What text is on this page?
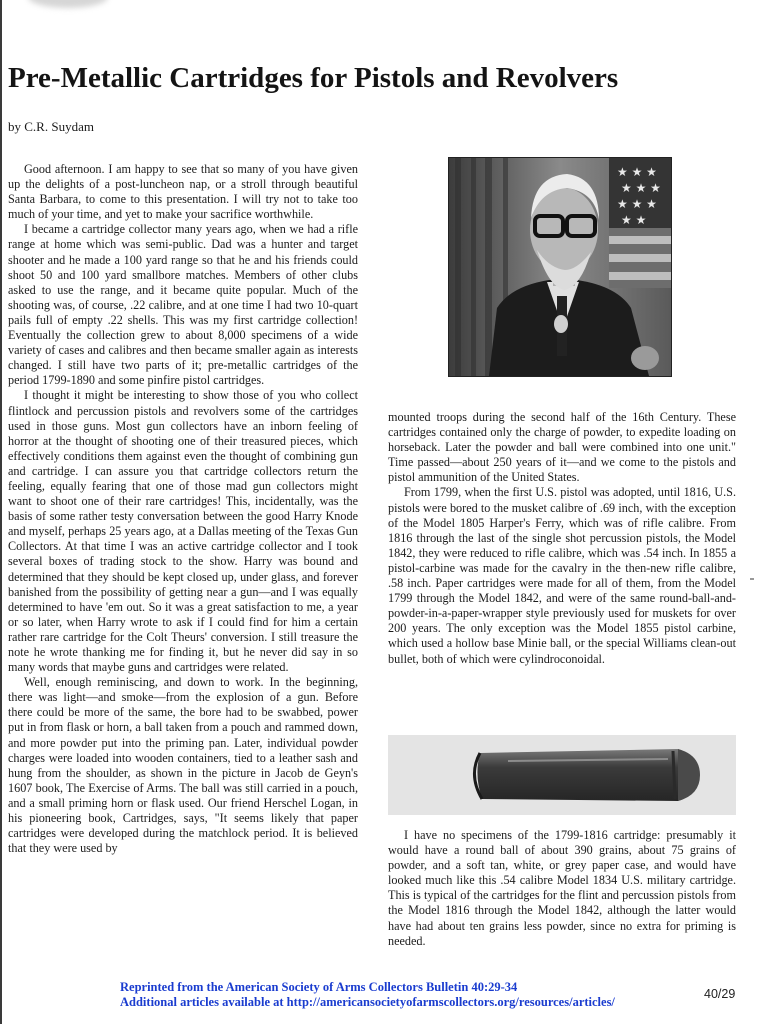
Pre-Metallic Cartridges for Pistols and Revolvers

by C.R. Suydam

Good afternoon. I am happy to see that so many of you have given up the delights of a post-luncheon nap, or a stroll through beautiful Santa Barbara, to come to this presentation. I will try not to take too much of your time, and yet to make your sacrifice worthwhile.

I became a cartridge collector many years ago, when we had a rifle range at home which was semi-public. Dad was a hunter and target shooter and he made a 100 yard range so that he and his friends could shoot 50 and 100 yard smallbore matches. Members of other clubs asked to use the range, and it became quite popular. Much of the shooting was, of course, .22 calibre, and at one time I had two 10-quart pails full of empty .22 shells. This was my first cartridge collection! Eventually the collection grew to about 8,000 specimens of a wide variety of cases and calibres and then became smaller again as interests changed. I still have two parts of it; pre-metallic cartridges of the period 1799-1890 and some pinfire pistol cartridges.

I thought it might be interesting to show those of you who collect flintlock and percussion pistols and revolvers some of the cartridges used in those guns. Most gun collectors have an inborn feeling of horror at the thought of shooting one of their treasured pieces, which effectively conditions them against even the thought of combining gun and cartridge. I can assure you that cartridge collectors return the feeling, equally fearing that one of those mad gun collectors might want to shoot one of their rare cartridges! This, incidentally, was the basis of some rather testy conversation between the good Harry Knode and myself, perhaps 25 years ago, at a Dallas meeting of the Texas Gun Collectors. At that time I was an active cartridge collector and I took several boxes of trading stock to the show. Harry was bound and determined that they should be kept closed up, under glass, and forever banished from the possibility of getting near a gun—and I was equally determined to have 'em out. So it was a great satisfaction to me, a year or so later, when Harry wrote to ask if I could find for him a certain rather rare cartridge for the Colt Theurs' conversion. I still treasure the note he wrote thanking me for finding it, but he never did say in so many words that maybe guns and cartridges were related.

Well, enough reminiscing, and down to work. In the beginning, there was light—and smoke—from the explosion of a gun. Before there could be more of the same, the bore had to be swabbed, power put in from flask or horn, a ball taken from a pouch and rammed down, and more powder put into the priming pan. Later, individual powder charges were loaded into wooden containers, tied to a leather sash and hung from the shoulder, as shown in the picture in Jacob de Geyn's 1607 book, The Exercise of Arms. The ball was still carried in a pouch, and a small priming horn or flask used. Our friend Herschel Logan, in his pioneering book, Cartridges, says, "It seems likely that paper cartridges were developed during the matchlock period. It is believed that they were used by

★ ★ ★
★ ★ ★
★ ★ ★
★ ★

mounted troops during the second half of the 16th Century. These cartridges contained only the charge of powder, to expedite loading on horseback. Later the powder and ball were combined into one unit." Time passed—about 250 years of it—and we come to the pistols and pistol ammunition of the United States.

From 1799, when the first U.S. pistol was adopted, until 1816, U.S. pistols were bored to the musket calibre of .69 inch, with the exception of the Model 1805 Harper's Ferry, which was of rifle calibre. From 1816 through the last of the single shot percussion pistols, the Model 1842, they were reduced to rifle calibre, which was .54 inch. In 1855 a pistol-carbine was made for the cavalry in the then-new rifle calibre, .58 inch. Paper cartridges were made for all of them, from the Model 1799 through the Model 1842, and were of the same round-ball-and-powder-in-a-paper-wrapper style previously used for muskets for over 200 years. The only exception was the Model 1855 pistol carbine, which used a hollow base Minie ball, or the special Williams clean-out bullet, both of which were cylindroconoidal.

I have no specimens of the 1799-1816 cartridge: presumably it would have a round ball of about 390 grains, about 75 grains of powder, and a soft tan, white, or grey paper case, and would have looked much like this .54 calibre Model 1834 U.S. military cartridge. This is typical of the cartridges for the flint and percussion pistols from the Model 1816 through the Model 1842, although the latter would have had about ten grains less powder, since no extra for priming is needed.

Reprinted from the American Society of Arms Collectors Bulletin 40:29-34
Additional articles available at http://americansocietyofarmscollectors.org/resources/articles/

40/29
